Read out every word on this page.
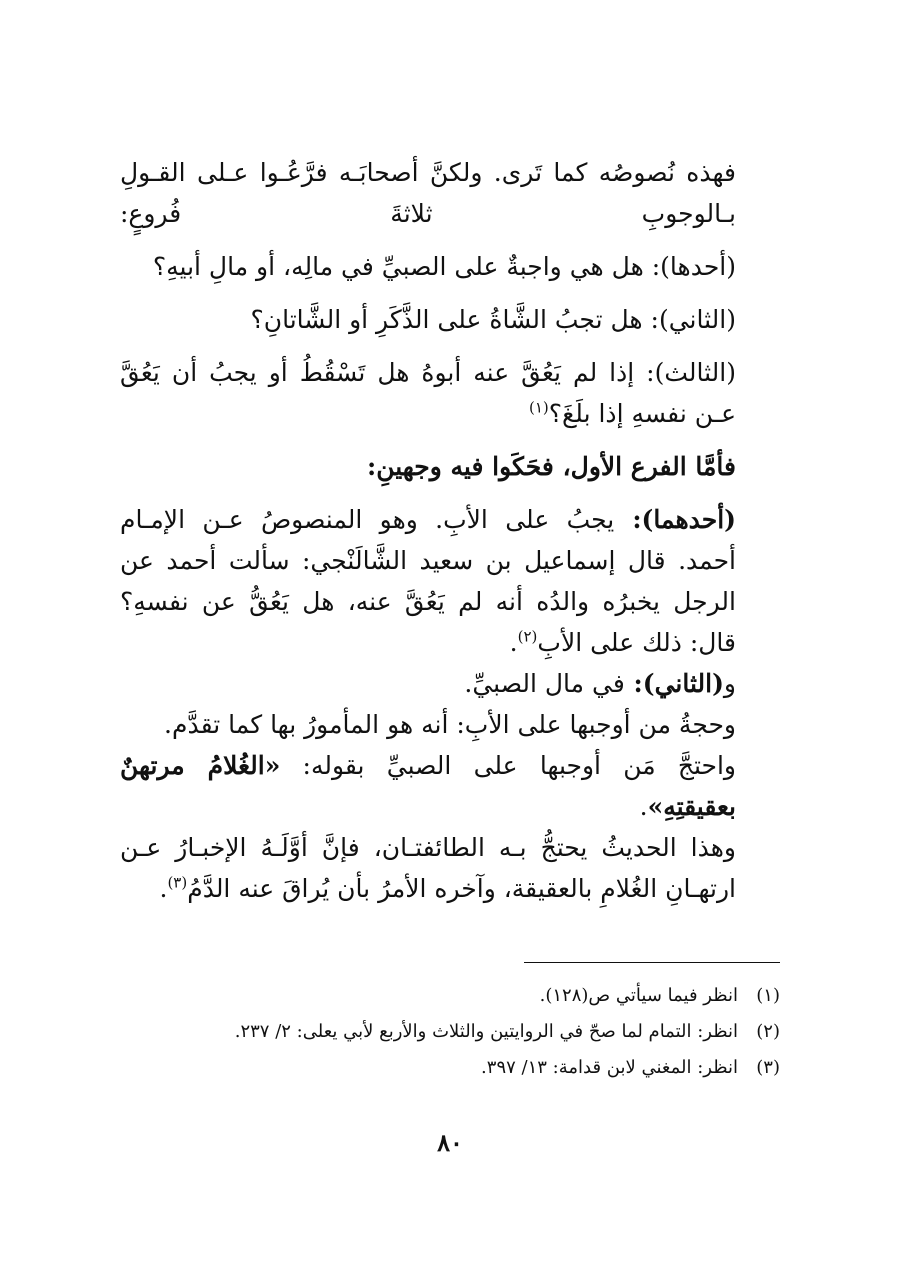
فهذه نُصوصُه كما تَرى. ولكنَّ أصحابَـه فرَّعُـوا عـلى القـولِ بـالوجوبِ ثلاثةَ فُروعٍ:

(أحدها): هل هي واجبةٌ على الصبيِّ في مالِه، أو مالِ أبيهِ؟

(الثاني): هل تجبُ الشَّاةُ على الذَّكَرِ أو الشَّاتانِ؟

(الثالث): إذا لم يَعُقَّ عنه أبوهُ هل تَسْقُطُ أو يجبُ أن يَعُقَّ عـن نفسهِ إذا بلَغَ؟$^{(١)}$

فأمَّا الفرع الأول، فحَكَوا فيه وجهينِ:

(أحدهما): يجبُ على الأبِ. وهو المنصوصُ عـن الإمـام أحمد. قال إسماعيل بن سعيد الشَّالَنْجي: سألت أحمد عن الرجل يخبرُه والدُه أنه لم يَعُقَّ عنه، هل يَعُقُّ عن نفسهِ؟ قال: ذلك على الأبِ$^{(٢)}$.

و(الثاني): في مال الصبيِّ.

وحجةُ من أوجبها على الأبِ: أنه هو المأمورُ بها كما تقدَّم.

واحتجَّ مَن أوجبها على الصبيِّ بقوله: «الغُلامُ مرتهنٌ بعقيقتِهِ».

وهذا الحديثُ يحتجُّ بـه الطائفتـان، فإنَّ أوَّلَـهُ الإخبـارُ عـن ارتهـانِ الغُلامِ بالعقيقة، وآخره الأمرُ بأن يُراقَ عنه الدَّمُ$^{(٣)}$.

(١)انظر فيما سيأتي ص(١٢٨).

(٢)انظر: التمام لما صحّ في الروايتين والثلاث والأربع لأبي يعلى: ٢/ ٢٣٧.

(٣)انظر: المغني لابن قدامة: ١٣/ ٣٩٧.

٨٠
